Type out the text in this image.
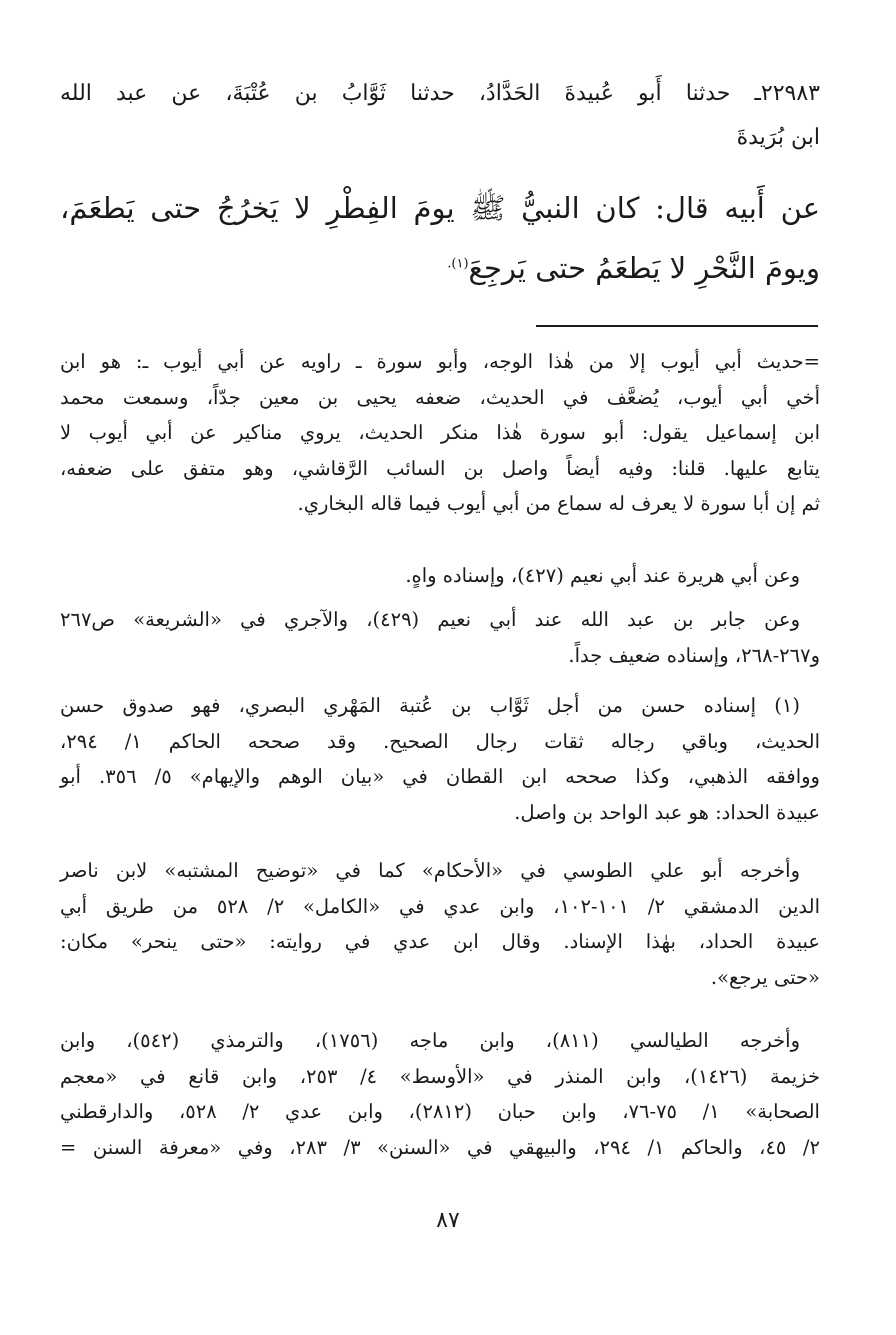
٢٢٩٨٣ـ حدثنا أَبو عُبيدةَ الحَدَّادُ، حدثنا ثَوَّابُ بن عُتْبَةَ، عن عبد الله
ابن بُرَيدةَ
عن أَبيه قال: كان النبيُّ ﷺ يومَ الفِطْرِ لا يَخرُجُ حتى يَطعَمَ،
ويومَ النَّحْرِ لا يَطعَمُ حتى يَرجِعَ$^{(١).}$
=حديث أبي أيوب إلا من هٰذا الوجه، وأبو سورة ـ راويه عن أبي أيوب ـ: هو ابن
أخي أبي أيوب، يُضعَّف في الحديث، ضعفه يحيى بن معين جدّاً، وسمعت محمد
ابن إسماعيل يقول: أبو سورة هٰذا منكر الحديث، يروي مناكير عن أبي أيوب لا
يتابع عليها. قلنا: وفيه أيضاً واصل بن السائب الرَّقاشي، وهو متفق على ضعفه،
ثم إن أبا سورة لا يعرف له سماع من أبي أيوب فيما قاله البخاري.
وعن أبي هريرة عند أبي نعيم (٤٢٧)، وإسناده واهٍ.
وعن جابر بن عبد الله عند أبي نعيم (٤٢٩)، والآجري في «الشريعة» ص٢٦٧
و٢٦٧-٢٦٨، وإسناده ضعيف جداً.
(١) إسناده حسن من أجل ثَوَّاب بن عُتبة المَهْري البصري، فهو صدوق حسن
الحديث، وباقي رجاله ثقات رجال الصحيح. وقد صححه الحاكم ١/ ٢٩٤،
ووافقه الذهبي، وكذا صححه ابن القطان في «بيان الوهم والإيهام» ٥/ ٣٥٦. أبو
عبيدة الحداد: هو عبد الواحد بن واصل.
وأخرجه أبو علي الطوسي في «الأحكام» كما في «توضيح المشتبه» لابن ناصر
الدين الدمشقي ٢/ ١٠١-١٠٢، وابن عدي في «الكامل» ٢/ ٥٢٨ من طريق أبي
عبيدة الحداد، بهٰذا الإسناد. وقال ابن عدي في روايته: «حتى ينحر» مكان:
«حتى يرجع».
وأخرجه الطيالسي (٨١١)، وابن ماجه (١٧٥٦)، والترمذي (٥٤٢)، وابن
خزيمة (١٤٢٦)، وابن المنذر في «الأوسط» ٤/ ٢٥٣، وابن قانع في «معجم
الصحابة» ١/ ٧٥-٧٦، وابن حبان (٢٨١٢)، وابن عدي ٢/ ٥٢٨، والدارقطني
٢/ ٤٥، والحاكم ١/ ٢٩٤، والبيهقي في «السنن» ٣/ ٢٨٣، وفي «معرفة السنن =
٨٧
